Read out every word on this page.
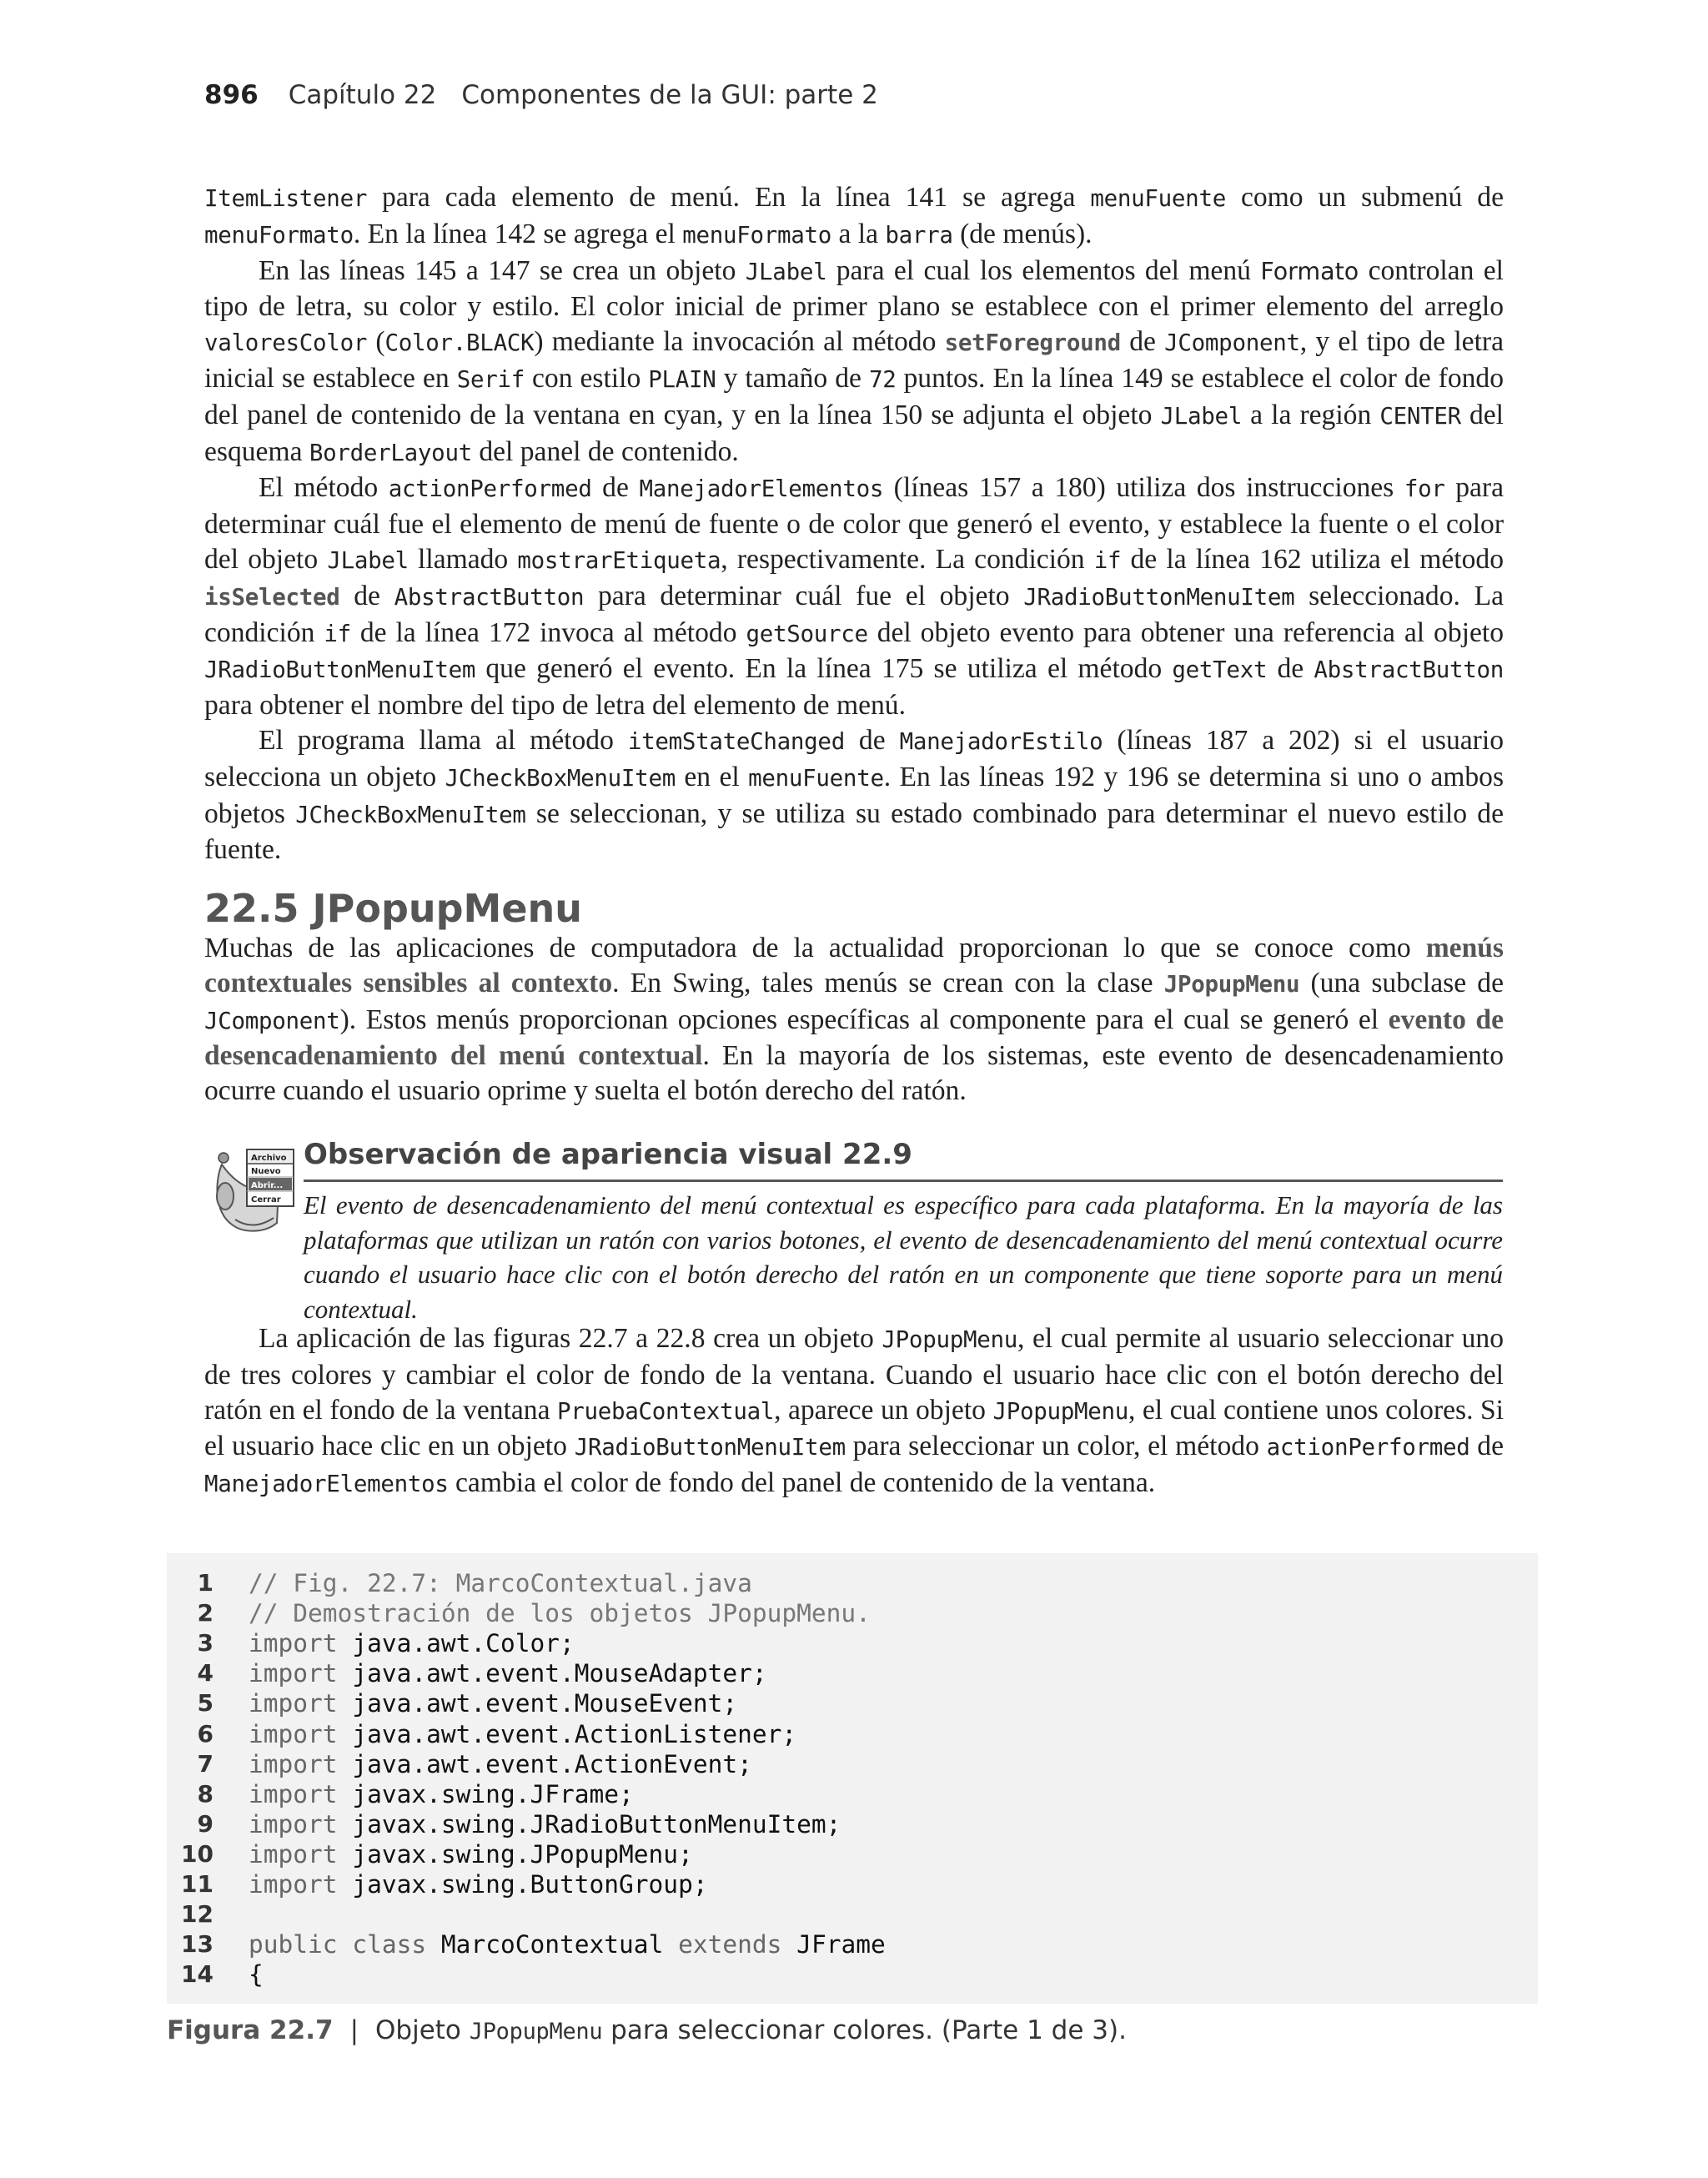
896 Capítulo 22 Componentes de la GUI: parte 2

ItemListener para cada elemento de menú. En la línea 141 se agrega menuFuente como un submenú de menuFormato. En la línea 142 se agrega el menuFormato a la barra (de menús).

En las líneas 145 a 147 se crea un objeto JLabel para el cual los elementos del menú Formato controlan el tipo de letra, su color y estilo. El color inicial de primer plano se establece con el primer elemento del arreglo valoresColor (Color.BLACK) mediante la invocación al método setForeground de JComponent, y el tipo de letra inicial se establece en Serif con estilo PLAIN y tamaño de 72 puntos. En la línea 149 se establece el color de fondo del panel de contenido de la ventana en cyan, y en la línea 150 se adjunta el objeto JLabel a la región CENTER del esquema BorderLayout del panel de contenido.

El método actionPerformed de ManejadorElementos (líneas 157 a 180) utiliza dos instrucciones for para determinar cuál fue el elemento de menú de fuente o de color que generó el evento, y establece la fuente o el color del objeto JLabel llamado mostrarEtiqueta, respectivamente. La condición if de la línea 162 utiliza el método isSelected de AbstractButton para determinar cuál fue el objeto JRadioButtonMenuItem seleccionado. La condición if de la línea 172 invoca al método getSource del objeto evento para obtener una referencia al objeto JRadioButtonMenuItem que generó el evento. En la línea 175 se utiliza el método getText de AbstractButton para obtener el nombre del tipo de letra del elemento de menú.

El programa llama al método itemStateChanged de ManejadorEstilo (líneas 187 a 202) si el usuario selecciona un objeto JCheckBoxMenuItem en el menuFuente. En las líneas 192 y 196 se determina si uno o ambos objetos JCheckBoxMenuItem se seleccionan, y se utiliza su estado combinado para determinar el nuevo estilo de fuente.

22.5 JPopupMenu

Muchas de las aplicaciones de computadora de la actualidad proporcionan lo que se conoce como menús contextuales sensibles al contexto. En Swing, tales menús se crean con la clase JPopupMenu (una subclase de JComponent). Estos menús proporcionan opciones específicas al componente para el cual se generó el evento de desencadenamiento del menú contextual. En la mayoría de los sistemas, este evento de desencadenamiento ocurre cuando el usuario oprime y suelta el botón derecho del ratón.

Archivo
Nuevo
Abrir...
Cerrar
Observación de apariencia visual 22.9
El evento de desencadenamiento del menú contextual es específico para cada plataforma. En la mayoría de las plataformas que utilizan un ratón con varios botones, el evento de desencadenamiento del menú contextual ocurre cuando el usuario hace clic con el botón derecho del ratón en un componente que tiene soporte para un menú contextual.

La aplicación de las figuras 22.7 a 22.8 crea un objeto JPopupMenu, el cual permite al usuario seleccionar uno de tres colores y cambiar el color de fondo de la ventana. Cuando el usuario hace clic con el botón derecho del ratón en el fondo de la ventana PruebaContextual, aparece un objeto JPopupMenu, el cual contiene unos colores. Si el usuario hace clic en un objeto JRadioButtonMenuItem para seleccionar un color, el método actionPerformed de ManejadorElementos cambia el color de fondo del panel de contenido de la ventana.

1 // Fig. 22.7: MarcoContextual.java
2 // Demostración de los objetos JPopupMenu.
3 import java.awt.Color;
4 import java.awt.event.MouseAdapter;
5 import java.awt.event.MouseEvent;
6 import java.awt.event.ActionListener;
7 import java.awt.event.ActionEvent;
8 import javax.swing.JFrame;
9 import javax.swing.JRadioButtonMenuItem;
10 import javax.swing.JPopupMenu;
11 import javax.swing.ButtonGroup;
12
13 public class MarcoContextual extends JFrame
14 {
Figura 22.7 | Objeto JPopupMenu para seleccionar colores. (Parte 1 de 3).
